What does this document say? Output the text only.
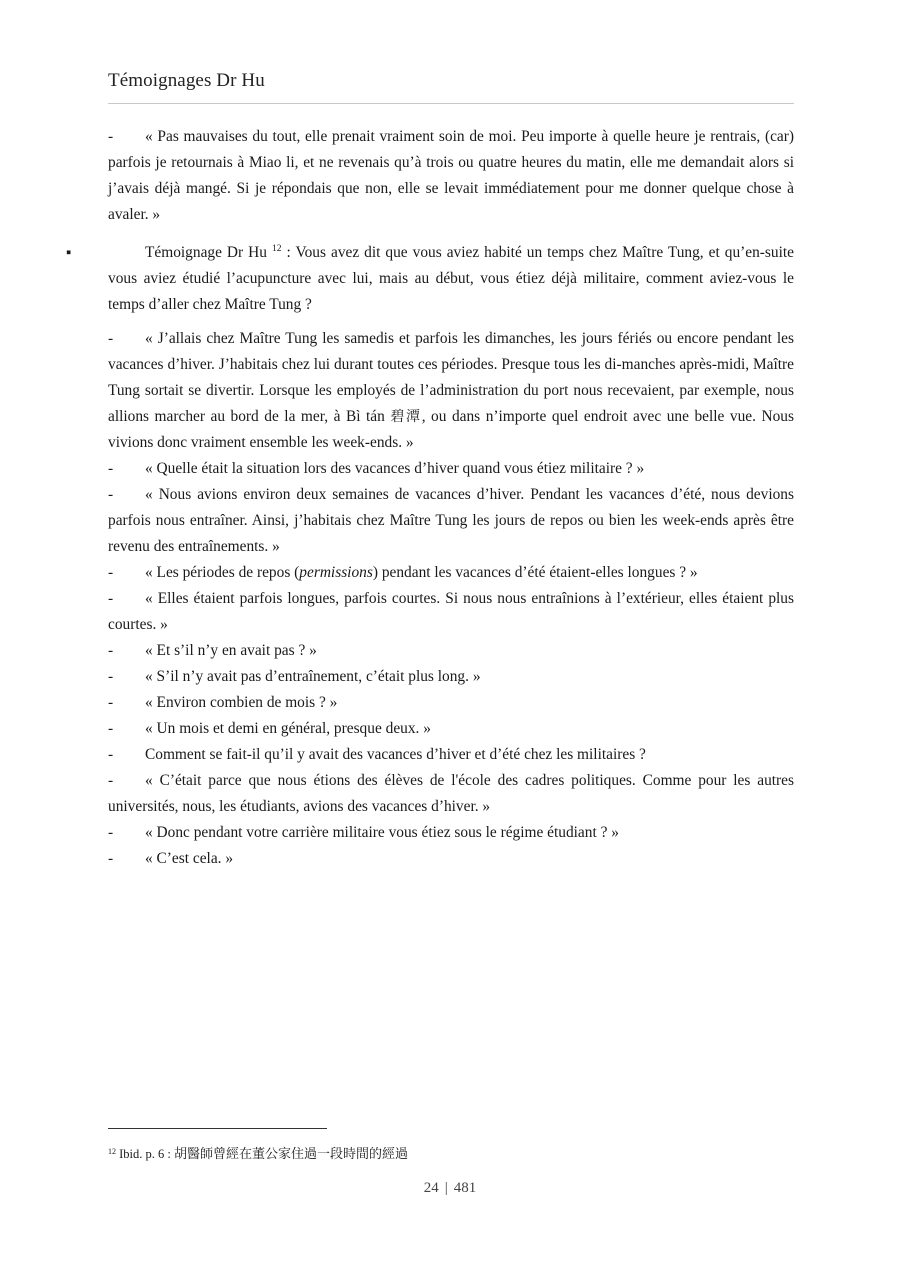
Témoignages Dr Hu

- « Pas mauvaises du tout, elle prenait vraiment soin de moi. Peu importe à quelle heure je rentrais, (car) parfois je retournais à Miao li, et ne revenais qu’à trois ou quatre heures du matin, elle me demandait alors si j’avais déjà mangé. Si je répondais que non, elle se levait immédiatement pour me donner quelque chose à avaler. »

▪	Témoignage Dr Hu $^{12}$ : Vous avez dit que vous aviez habité un temps chez Maître Tung, et qu’en-suite vous aviez étudié l’acupuncture avec lui, mais au début, vous étiez déjà militaire, comment aviez-vous le temps d’aller chez Maître Tung ?

- « J’allais chez Maître Tung les samedis et parfois les dimanches, les jours fériés ou encore pendant les vacances d’hiver. J’habitais chez lui durant toutes ces périodes. Presque tous les di-manches après-midi, Maître Tung sortait se divertir. Lorsque les employés de l’administration du port nous recevaient, par exemple, nous allions marcher au bord de la mer, à Bì tán 碧潭, ou dans n’importe quel endroit avec une belle vue. Nous vivions donc vraiment ensemble les week-ends. »

- « Quelle était la situation lors des vacances d’hiver quand vous étiez militaire ? »

- « Nous avions environ deux semaines de vacances d’hiver. Pendant les vacances d’été, nous devions parfois nous entraîner. Ainsi, j’habitais chez Maître Tung les jours de repos ou bien les week-ends après être revenu des entraînements. »

- « Les périodes de repos (permissions) pendant les vacances d’été étaient-elles longues ? »

- « Elles étaient parfois longues, parfois courtes. Si nous nous entraînions à l’extérieur, elles étaient plus courtes. »

- « Et s’il n’y en avait pas ? »

- « S’il n’y avait pas d’entraînement, c’était plus long. »

- « Environ combien de mois ? »

- « Un mois et demi en général, presque deux. »

- Comment se fait-il qu’il y avait des vacances d’hiver et d’été chez les militaires ?

- « C’était parce que nous étions des élèves de l'école des cadres politiques. Comme pour les autres universités, nous, les étudiants, avions des vacances d’hiver. »

- « Donc pendant votre carrière militaire vous étiez sous le régime étudiant ? »

- « C’est cela. »

$^{12}$ Ibid. p. 6 : 胡醫師曾經在董公家住過一段時間的經過
24 | 481
